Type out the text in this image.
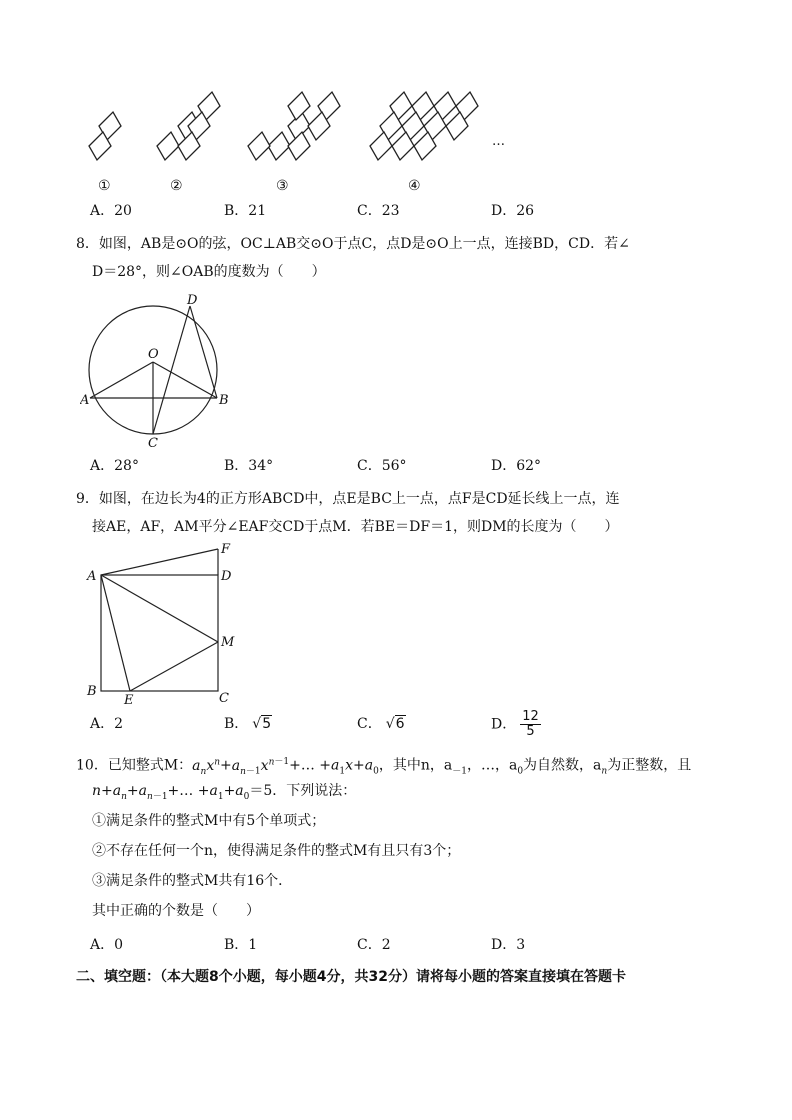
…
①	②	③	④
A．20	B．21	C．23	D．26
8．如图，AB是⊙O的弦，OC⊥AB交⊙O于点C，点D是⊙O上一点，连接BD，CD．若∠
D＝28°，则∠OAB的度数为（　　）
D
O
A	B
C
A．28°	B．34°	C．56°	D．62°
9．如图，在边长为4的正方形ABCD中，点E是BC上一点，点F是CD延长线上一点，连
接AE，AF，AM平分∠EAF交CD于点M．若BE＝DF＝1，则DM的长度为（　　）
F
A	D
M
B
E	C
A．2	B． √5	C． √6	D． $\frac{12}{5}$
10．已知整式M：$a_nx^n+a_{n-1}x^{n-1}+\dots +a_1x+a_0$，其中n，$a_{-1}$，…，$a_0$为自然数，$a_n$为正整数，且
$n+a_n+a_{n-1}+\dots +a_1+a_0=5$．下列说法：
①满足条件的整式M中有5个单项式；
②不存在任何一个n，使得满足条件的整式M有且只有3个；
③满足条件的整式M共有16个．
其中正确的个数是（　　）
A．0	B．1	C．2	D．3
二、填空题：（本大题8个小题，每小题4分，共32分）请将每小题的答案直接填在答题卡
